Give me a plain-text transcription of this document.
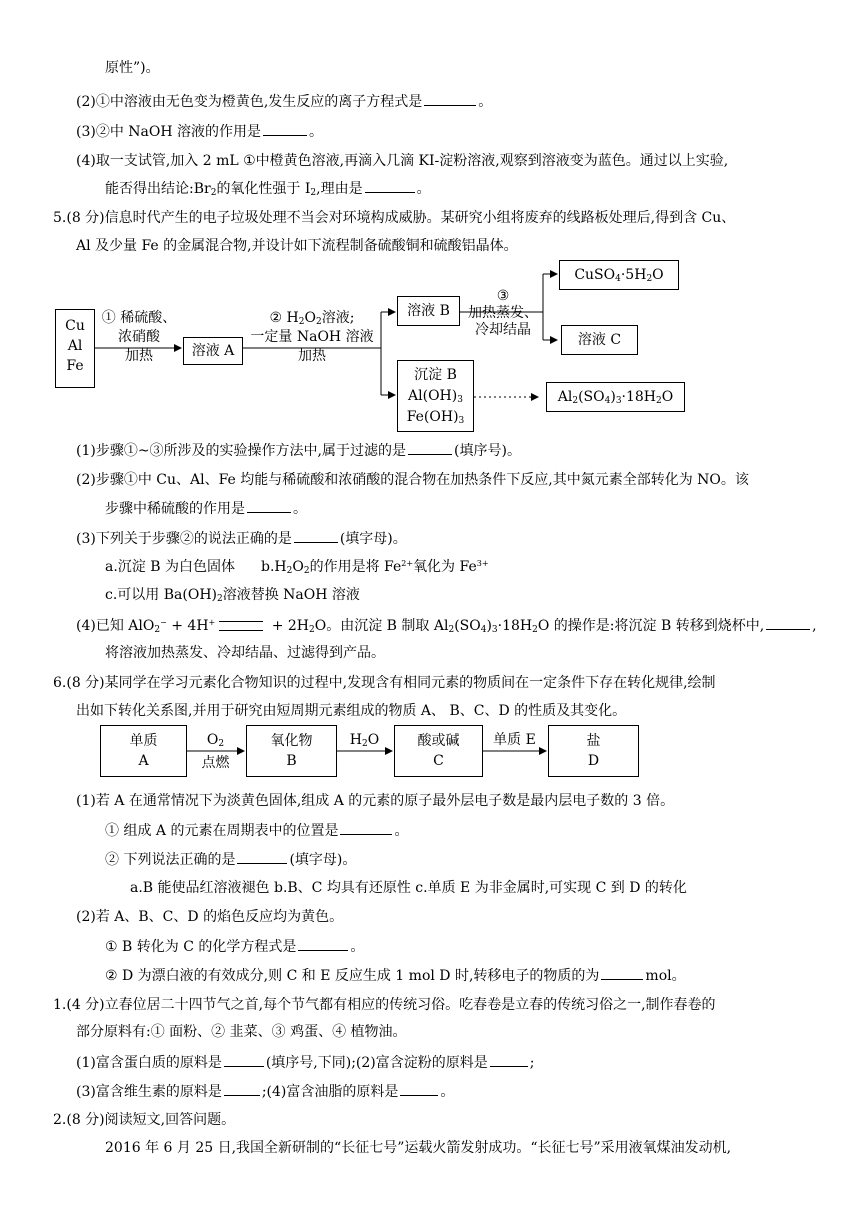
原性”)。
(2)①中溶液由无色变为橙黄色,发生反应的离子方程式是	。
(3)②中 NaOH 溶液的作用是	。
(4)取一支试管,加入 2 mL ①中橙黄色溶液,再滴入几滴 KI-淀粉溶液,观察到溶液变为蓝色。通过以上实验,
能否得出结论$:Br_2$的氧化性强于 $I_2$,理由是	。
5.(8 分)信息时代产生的电子垃圾处理不当会对环境构成威胁。某研究小组将废弃的线路板处理后,得到含 Cu、
Al 及少量 Fe 的金属混合物,并设计如下流程制备硫酸铜和硫酸铝晶体。
Cu
Al
Fe
① 稀硫酸、
浓硝酸
加热	溶液 A
② $H_2O_2$溶液;
一定量 NaOH 溶液
加热
溶液 B
③
加热蒸发、
冷却结晶
$CuSO_4\cdot 5H_2O$
溶液 C
沉淀 B
$Al(OH)_3$
$Fe(OH)_3$
$Al_2(SO_4)_3\cdot 18H_2O$
(1)步骤①~③所涉及的实验操作方法中,属于过滤的是	(填序号)。
(2)步骤①中 Cu、Al、Fe 均能与稀硫酸和浓硝酸的混合物在加热条件下反应,其中氮元素全部转化为 NO。该
步骤中稀硫酸的作用是	。
(3)下列关于步骤②的说法正确的是	(填字母)。
a.沉淀 B 为白色固体 $b.H_2O_2$的作用是将 $Fe^{2+}$氧化为 $Fe^{3+}$
c.可以用 $Ba(OH)_2$溶液替换 NaOH 溶液
(4)已知 AlO$_2$− + 4H+	+ $2H_2O$。由沉淀 B 制取 $Al_2(SO_4)_3\cdot 18H_2O$ 的操作是:将沉淀 B 转移到烧杯中,	,
将溶液加热蒸发、冷却结晶、过滤得到产品。
6.(8 分)某同学在学习元素化合物知识的过程中,发现含有相同元素的物质间在一定条件下存在转化规律,绘制
出如下转化关系图,并用于研究由短周期元素组成的物质 A、 B、C、D 的性质及其变化。
单质
A
$O_2$
点燃
氧化物
B
$H_2O$	酸或碱
C
单质 E	盐
D
(1)若 A 在通常情况下为淡黄色固体,组成 A 的元素的原子最外层电子数是最内层电子数的 3 倍。
① 组成 A 的元素在周期表中的位置是	。
② 下列说法正确的是	(填字母)。
a.B 能使品红溶液褪色 b.B、C 均具有还原性 c.单质 E 为非金属时,可实现 C 到 D 的转化
(2)若 A、B、C、D 的焰色反应均为黄色。
① B 转化为 C 的化学方程式是	。
② D 为漂白液的有效成分,则 C 和 E 反应生成 1 mol D 时,转移电子的物质的为	mol。
1.(4 分)立春位居二十四节气之首,每个节气都有相应的传统习俗。吃春卷是立春的传统习俗之一,制作春卷的
部分原料有:① 面粉、② 韭菜、③ 鸡蛋、④ 植物油。
(1)富含蛋白质的原料是	(填序号,下同);(2)富含淀粉的原料是	;
(3)富含维生素的原料是	;(4)富含油脂的原料是	。
2.(8 分)阅读短文,回答问题。
2016 年 6 月 25 日,我国全新研制的“长征七号”运载火箭发射成功。“长征七号”采用液氧煤油发动机,
